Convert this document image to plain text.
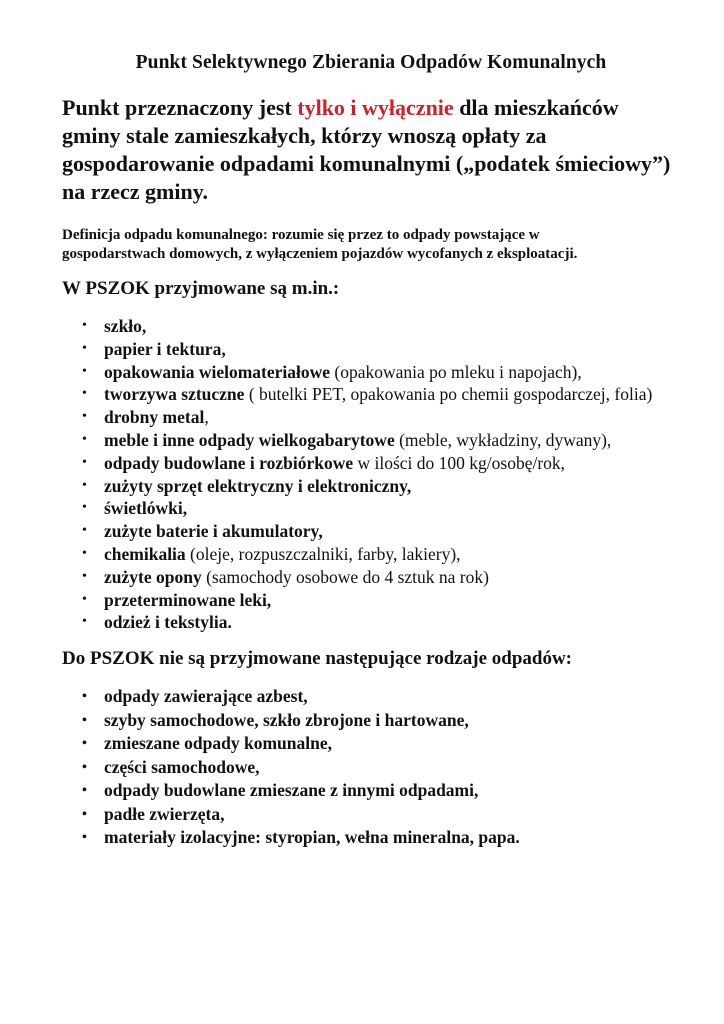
Punkt Selektywnego Zbierania Odpadów Komunalnych

Punkt przeznaczony jest tylko i wyłącznie dla mieszkańców gminy stale zamieszkałych, którzy wnoszą opłaty za gospodarowanie odpadami komunalnymi („podatek śmieciowy”) na rzecz gminy.

Definicja odpadu komunalnego: rozumie się przez to odpady powstające w gospodarstwach domowych, z wyłączeniem pojazdów wycofanych z eksploatacji.

W PSZOK przyjmowane są m.in.:
• szkło,
• papier i tektura,
• opakowania wielomateriałowe (opakowania po mleku i napojach),
• tworzywa sztuczne ( butelki PET, opakowania po chemii gospodarczej, folia)
• drobny metal,
• meble i inne odpady wielkogabarytowe (meble, wykładziny, dywany),
• odpady budowlane i rozbiórkowe w ilości do 100 kg/osobę/rok,
• zużyty sprzęt elektryczny i elektroniczny,
• świetlówki,
• zużyte baterie i akumulatory,
• chemikalia (oleje, rozpuszczalniki, farby, lakiery),
• zużyte opony (samochody osobowe do 4 sztuk na rok)
• przeterminowane leki,
• odzież i tekstylia.
Do PSZOK nie są przyjmowane następujące rodzaje odpadów:
• odpady zawierające azbest,
• szyby samochodowe, szkło zbrojone i hartowane,
• zmieszane odpady komunalne,
• części samochodowe,
• odpady budowlane zmieszane z innymi odpadami,
• padłe zwierzęta,
• materiały izolacyjne: styropian, wełna mineralna, papa.
